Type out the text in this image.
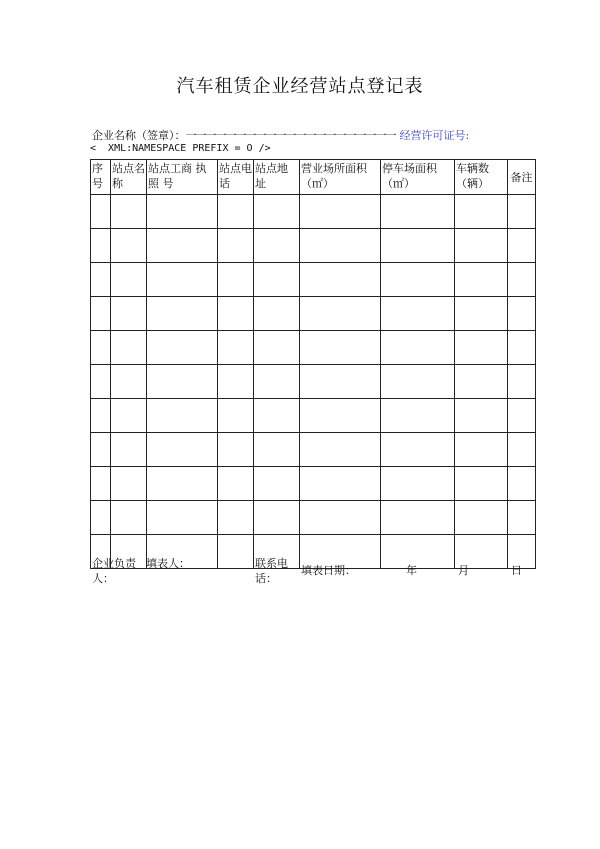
汽车租赁企业经营站点登记表
企业名称（签章）：一一一一一一一一一一一一一一一一一一一一一 经营许可证号:
<  XML:NAMESPACE PREFIX = O />
序号	站点名称	站点工商 执照 号	站点电话	站点地址	营业场所面积（㎡）	停车场面积（㎡）	车辆数（辆）	备注

企业负责人：
填表人：	联系电话：
填表日期：	年	月	日
